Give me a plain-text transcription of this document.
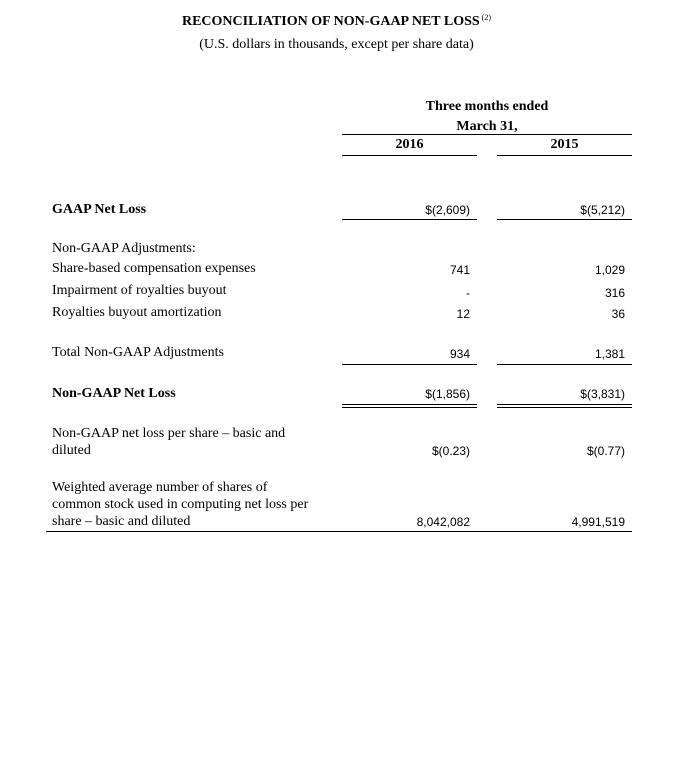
RECONCILIATION OF NON-GAAP NET LOSS $^{(2)}$
(U.S. dollars in thousands, except per share data)
Three months ended
March 31,
2016	2015
GAAP Net Loss	$(2,609)	$(5,212)
Non-GAAP Adjustments:
Share-based compensation expenses	741	1,029
Impairment of royalties buyout	-	316
Royalties buyout amortization	12	36
Total Non-GAAP Adjustments	934	1,381
Non-GAAP Net Loss	$(1,856)	$(3,831)
Non-GAAP net loss per share – basic and
diluted	$(0.23)	$(0.77)
Weighted average number of shares of
common stock used in computing net loss per
share – basic and diluted	8,042,082	4,991,519
